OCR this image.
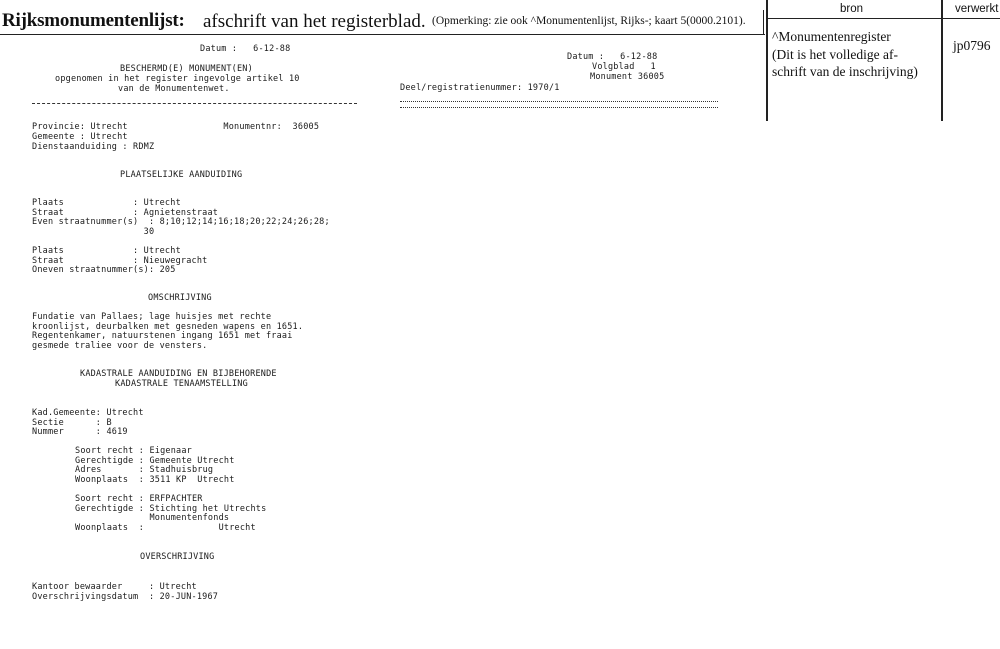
Rijksmonumentenlijst: afschrift van het registerblad. (Opmerking: zie ook ^Monumentenlijst, Rijks-; kaart 5(0000.2101).
bron	verwerkt
^Monumentenregister
(Dit is het volledige af-
schrift van de inschrijving)
jp0796
Datum :   6-12-88
BESCHERMD(E) MONUMENT(EN)
opgenomen in het register ingevolge artikel 10
van de Monumentenwet.
Provincie: Utrecht                  Monumentnr:  36005
Gemeente : Utrecht
Dienstaanduiding : RDMZ
PLAATSELIJKE AANDUIDING
Plaats             : Utrecht
Straat             : Agnietenstraat
Even straatnummer(s)  : 8;10;12;14;16;18;20;22;24;26;28;
30
Plaats             : Utrecht
Straat             : Nieuwegracht
Oneven straatnummer(s): 205
OMSCHRIJVING
Fundatie van Pallaes; lage huisjes met rechte
kroonlijst, deurbalken met gesneden wapens en 1651.
Regentenkamer, natuurstenen ingang 1651 met fraai
gesmede traliee voor de vensters.
KADASTRALE AANDUIDING EN BIJBEHORENDE
KADASTRALE TENAAMSTELLING
Kad.Gemeente: Utrecht
Sectie      : B
Nummer      : 4619
Soort recht : Eigenaar
Gerechtigde : Gemeente Utrecht
Adres       : Stadhuisbrug
Woonplaats  : 3511 KP  Utrecht
Soort recht : ERFPACHTER
Gerechtigde : Stichting het Utrechts
Monumentenfonds
Woonplaats  :              Utrecht
OVERSCHRIJVING
Kantoor bewaarder     : Utrecht
Overschrijvingsdatum  : 20-JUN-1967
Datum :   6-12-88
Volgblad   1
Monument 36005
Deel/registratienummer: 1970/1
